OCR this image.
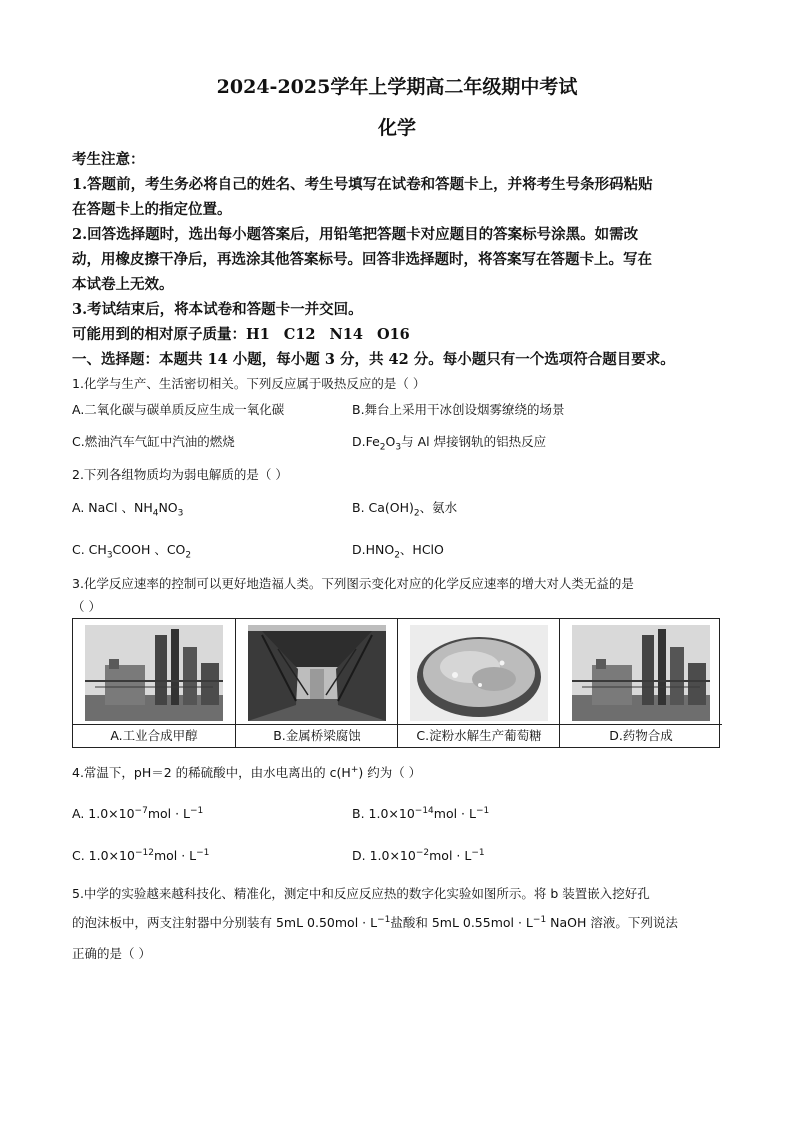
2024-2025学年上学期高二年级期中考试
化学
考生注意：
1.答题前，考生务必将自己的姓名、考生号填写在试卷和答题卡上，并将考生号条形码粘贴
在答题卡上的指定位置。
2.回答选择题时，选出每小题答案后，用铅笔把答题卡对应题目的答案标号涂黑。如需改
动，用橡皮擦干净后，再选涂其他答案标号。回答非选择题时，将答案写在答题卡上。写在
本试卷上无效。
3.考试结束后，将本试卷和答题卡一并交回。
可能用到的相对原子质量：H1 C12 N14 O16
一、选择题：本题共 14 小题，每小题 3 分，共 42 分。每小题只有一个选项符合题目要求。
1.化学与生产、生活密切相关。下列反应属于吸热反应的是（ ）
A.二氧化碳与碳单质反应生成一氧化碳	B.舞台上采用干冰创设烟雾缭绕的场景
C.燃油汽车气缸中汽油的燃烧	$D.Fe_2O_3$与 Al 焊接钢轨的铝热反应
2.下列各组物质均为弱电解质的是（ ）
A. NaCl 、$NH_4NO_3$	B. $Ca(OH)_2$、氨水
C. $CH_3COOH$ 、$CO_2$	$D.HNO_2$、HClO
3.化学反应速率的控制可以更好地造福人类。下列图示变化对应的化学反应速率的增大对人类无益的是
（ ）
A.工业合成甲醇	B.金属桥梁腐蚀	C.淀粉水解生产葡萄糖	D.药物合成
4.常温下，pH＝2 的稀硫酸中，由水电离出的 c(H+) 约为（ ）
A. $1.0\times 10^{-7}mol \cdot L^{-1}$	B. $1.0\times 10^{-14}mol \cdot L^{-1}$
C. $1.0\times 10^{-12}mol \cdot L^{-1}$	D. $1.0\times 10^{-2}mol \cdot L^{-1}$
5.中学的实验越来越科技化、精准化，测定中和反应反应热的数字化实验如图所示。将 b 装置嵌入挖好孔
的泡沫板中，两支注射器中分别装有 5mL $0.50mol \cdot L^{-1}$盐酸和 5mL $0.55mol \cdot L^{-1}$ NaOH 溶液。下列说法
正确的是（ ）
